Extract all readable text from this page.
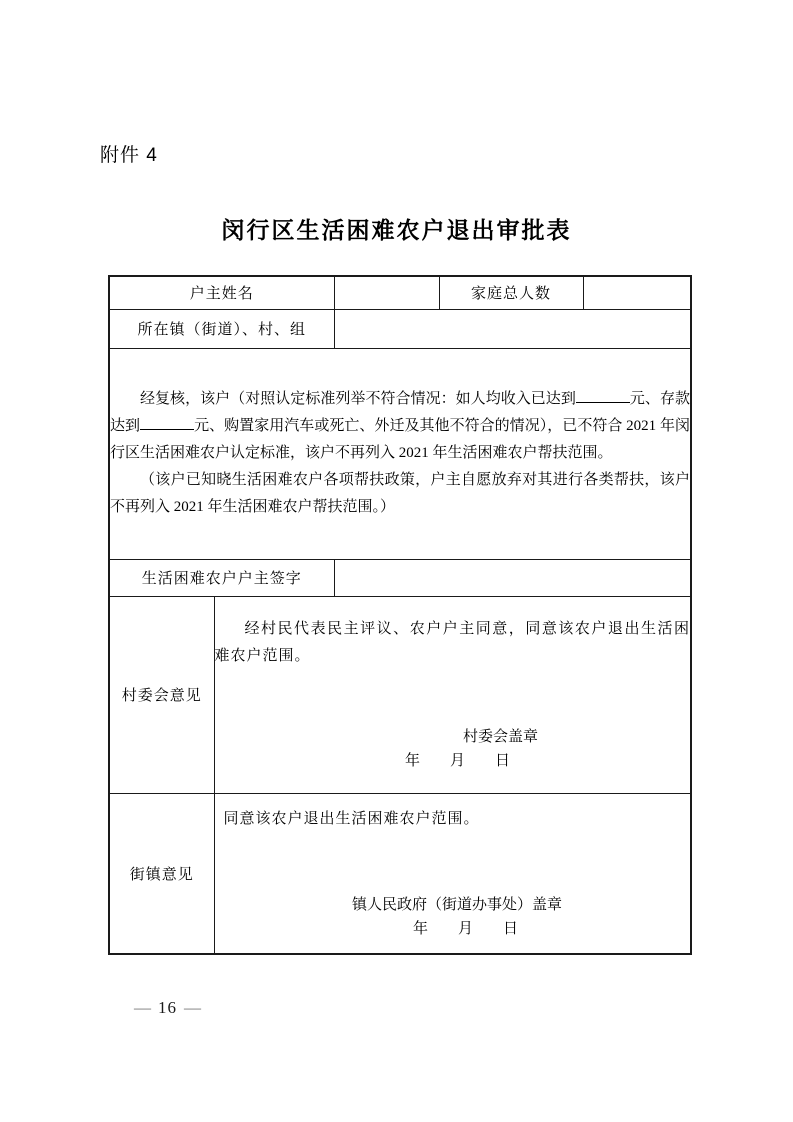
附件 4
闵行区生活困难农户退出审批表
户主姓名			家庭总人数	
所在镇（街道）、村、组				

经复核，该户（对照认定标准列举不符合情况：如人均收入已达到 元、存款达到 元、购置家用汽车或死亡、外迁及其他不符合的情况），已不符合 2021 年闵行区生活困难农户认定标准，该户不再列入 2021 年生活困难农户帮扶范围。

（该户已知晓生活困难农户各项帮扶政策，户主自愿放弃对其进行各类帮扶，该户不再列入 2021 年生活困难农户帮扶范围。）				

生活困难农户户主签字				
村委会意见	经村民代表民主评议、农户户主同意，同意该农户退出生活困难农户范围。

村委会盖章
年　　月　　日			

街镇意见	同意该农户退出生活困难农户范围。

镇人民政府（街道办事处）盖章
年　　月　　日			
— 16 —
